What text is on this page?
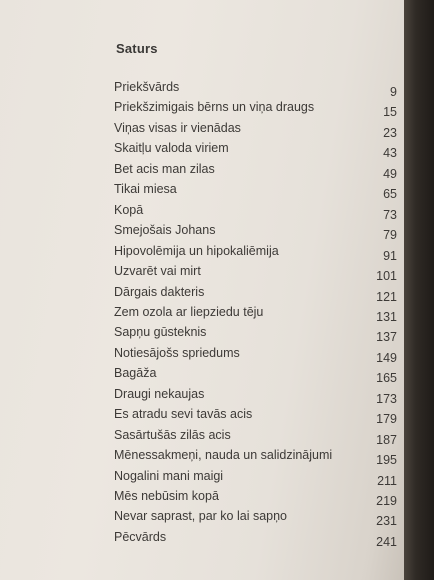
Saturs
Priekšvārds	9
Priekšzimigais bērns un viņa draugs	15
Viņas visas ir vienādas	23
Skaitļu valoda viriem	43
Bet acis man zilas	49
Tikai miesa	65
Kopā	73
Smejošais Johans	79
Hipovolēmija un hipokaliēmija	91
Uzvarēt vai mirt	101
Dārgais dakteris	121
Zem ozola ar liepziedu tēju	131
Sapņu gūsteknis	137
Notiesājošs spriedums	149
Bagāža	165
Draugi nekaujas	173
Es atradu sevi tavās acis	179
Sasārtušās zilās acis	187
Mēnessakmeņi, nauda un salidzinājumi	195
Nogalini mani maigi	211
Mēs nebūsim kopā	219
Nevar saprast, par ko lai sapņo	231
Pēcvārds	241
